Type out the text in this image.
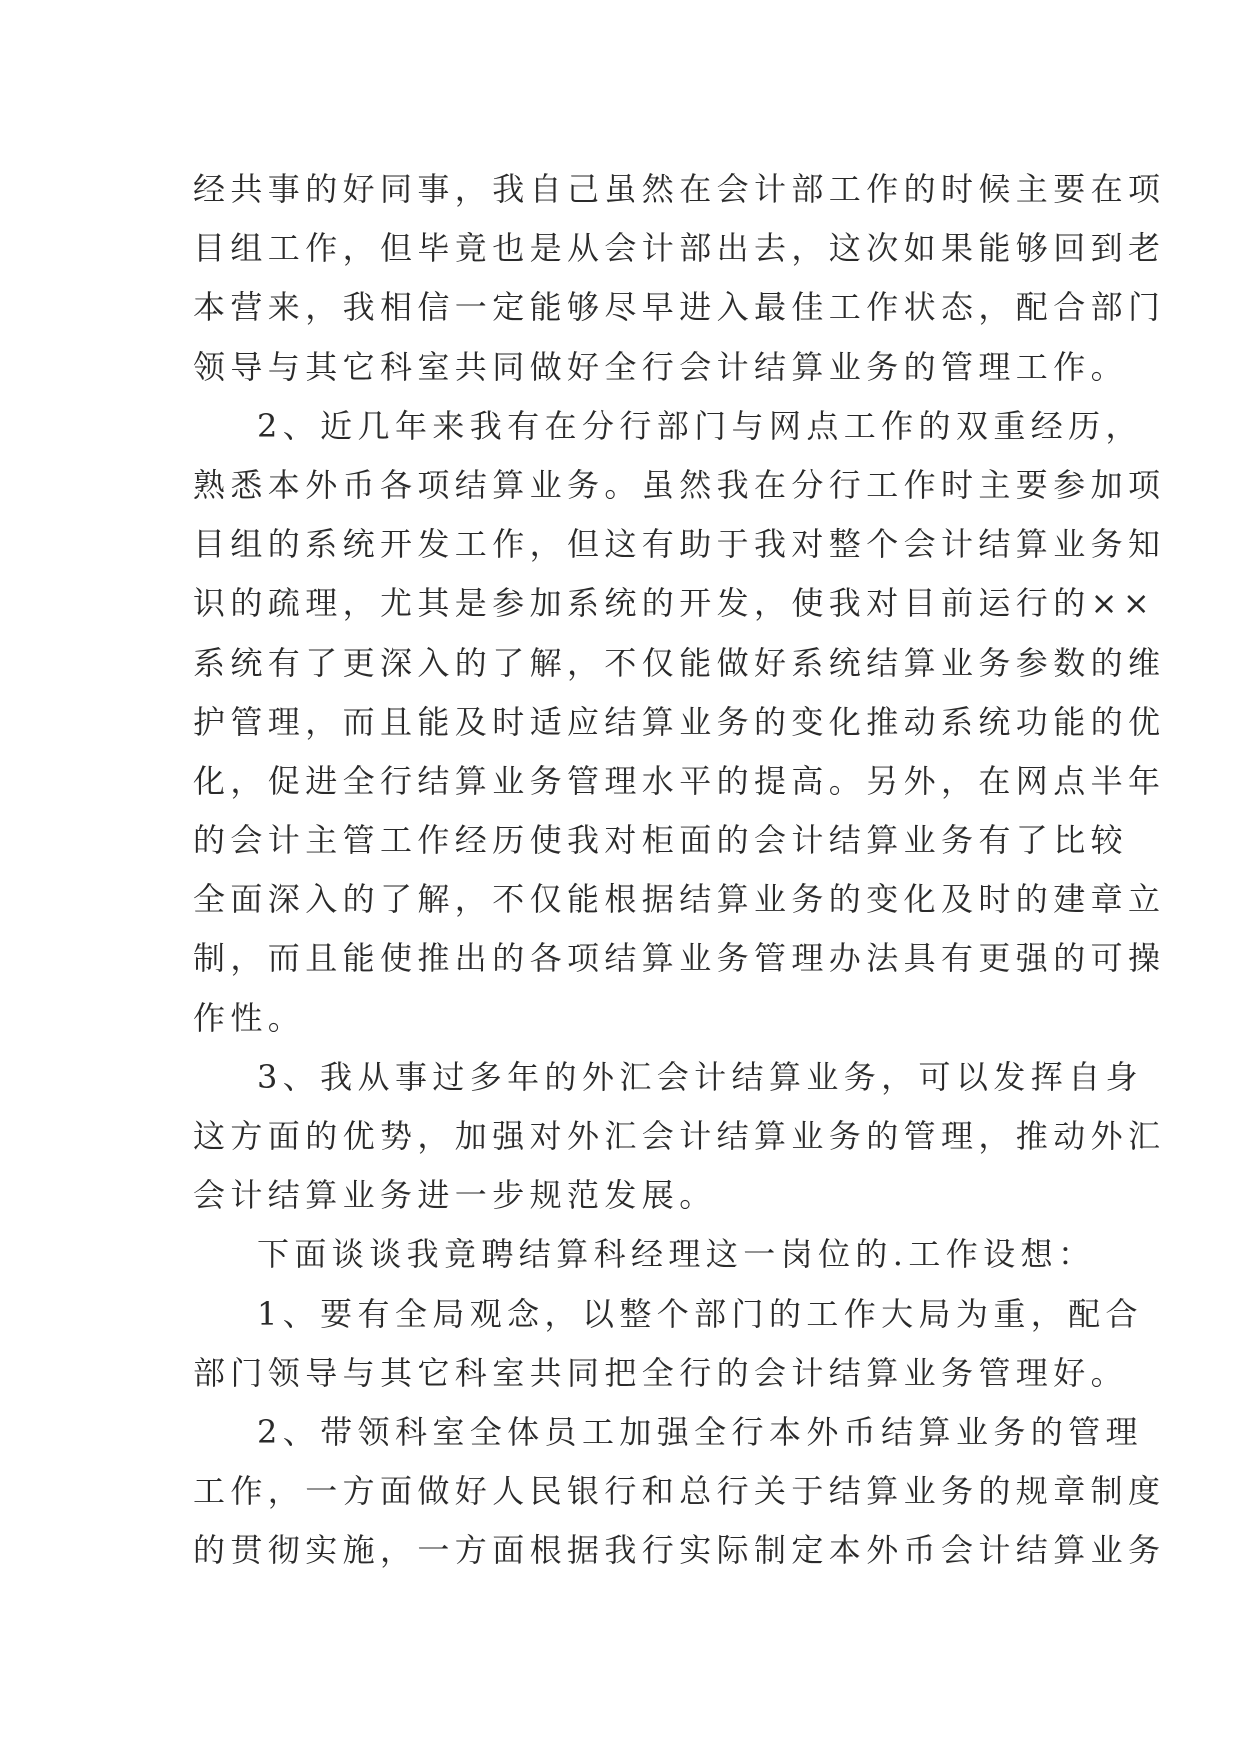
经共事的好同事，我自己虽然在会计部工作的时候主要在项
目组工作，但毕竟也是从会计部出去，这次如果能够回到老
本营来，我相信一定能够尽早进入最佳工作状态，配合部门
领导与其它科室共同做好全行会计结算业务的管理工作。
2、近几年来我有在分行部门与网点工作的双重经历，
熟悉本外币各项结算业务。虽然我在分行工作时主要参加项
目组的系统开发工作，但这有助于我对整个会计结算业务知
识的疏理，尤其是参加系统的开发，使我对目前运行的××
系统有了更深入的了解，不仅能做好系统结算业务参数的维
护管理，而且能及时适应结算业务的变化推动系统功能的优
化，促进全行结算业务管理水平的提高。另外，在网点半年
的会计主管工作经历使我对柜面的会计结算业务有了比较
全面深入的了解，不仅能根据结算业务的变化及时的建章立
制，而且能使推出的各项结算业务管理办法具有更强的可操
作性。
3、我从事过多年的外汇会计结算业务，可以发挥自身
这方面的优势，加强对外汇会计结算业务的管理，推动外汇
会计结算业务进一步规范发展。
下面谈谈我竟聘结算科经理这一岗位的.工作设想：
1、要有全局观念，以整个部门的工作大局为重，配合
部门领导与其它科室共同把全行的会计结算业务管理好。
2、带领科室全体员工加强全行本外币结算业务的管理
工作，一方面做好人民银行和总行关于结算业务的规章制度
的贯彻实施，一方面根据我行实际制定本外币会计结算业务
